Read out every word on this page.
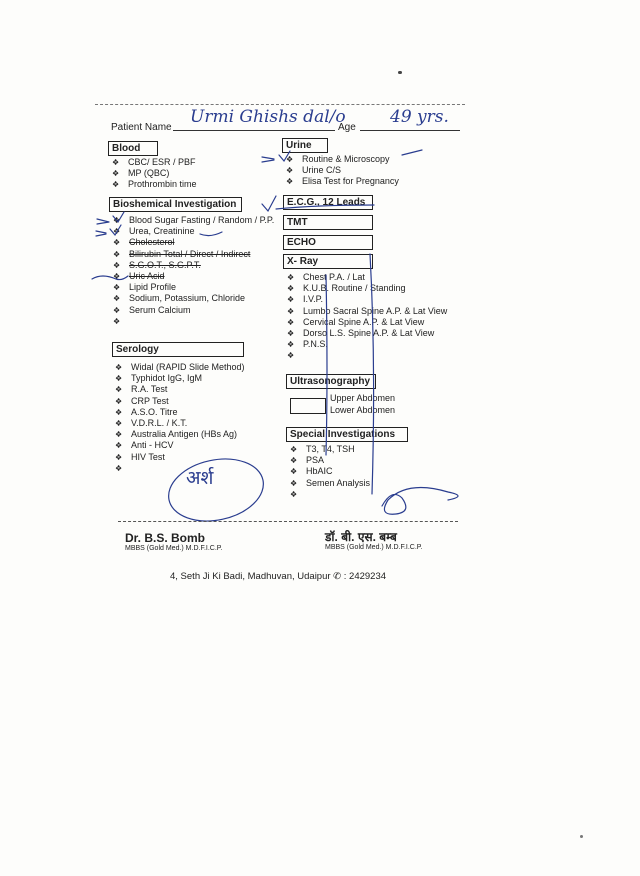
Patient Name
Urmi Ghishs dal/o
Age
49 yrs.
Blood
❖ CBC/ ESR / PBF
❖ MP (QBC)
❖ Prothrombin time
Bioshemical Investigation
❖ Blood Sugar Fasting / Random / P.P.
❖ Urea, Creatinine
❖ Cholesterol
❖ Bilirubin Total / Direct / Indirect
❖ S.G.O.T., S.G.P.T.
❖ Uric Acid
❖ Lipid Profile
❖ Sodium, Potassium, Chloride
❖ Serum Calcium
❖
Serology
❖ Widal (RAPID Slide Method)
❖ Typhidot IgG, IgM
❖ R.A. Test
❖ CRP Test
❖ A.S.O. Titre
❖ V.D.R.L. / K.T.
❖ Australia Antigen (HBs Ag)
❖ Anti - HCV
❖ HIV Test
❖
Urine
❖ Routine & Microscopy
❖ Urine C/S
❖ Elisa Test for Pregnancy
E.C.G., 12 Leads
TMT
ECHO
X- Ray
❖ Chest P.A. / Lat
❖ K.U.B. Routine / Standing
❖ I.V.P.
❖ Lumbo Sacral Spine A.P. & Lat View
❖ Cervical Spine A.P. & Lat View
❖ Dorso L.S. Spine A.P. & Lat View
❖ P.N.S.
❖
Ultrasonography
Upper Abdomen
Lower Abdomen
Special Investigations
❖ T3, T4, TSH
❖ PSA
❖ HbAIC
❖ Semen Analysis
❖
अर्श
Dr. B.S. Bomb
MBBS (Gold Med.) M.D.F.I.C.P.
डॉ. बी. एस. बम्ब
MBBS (Gold Med.) M.D.F.I.C.P.
4, Seth Ji Ki Badi, Madhuvan, Udaipur ✆ : 2429234
